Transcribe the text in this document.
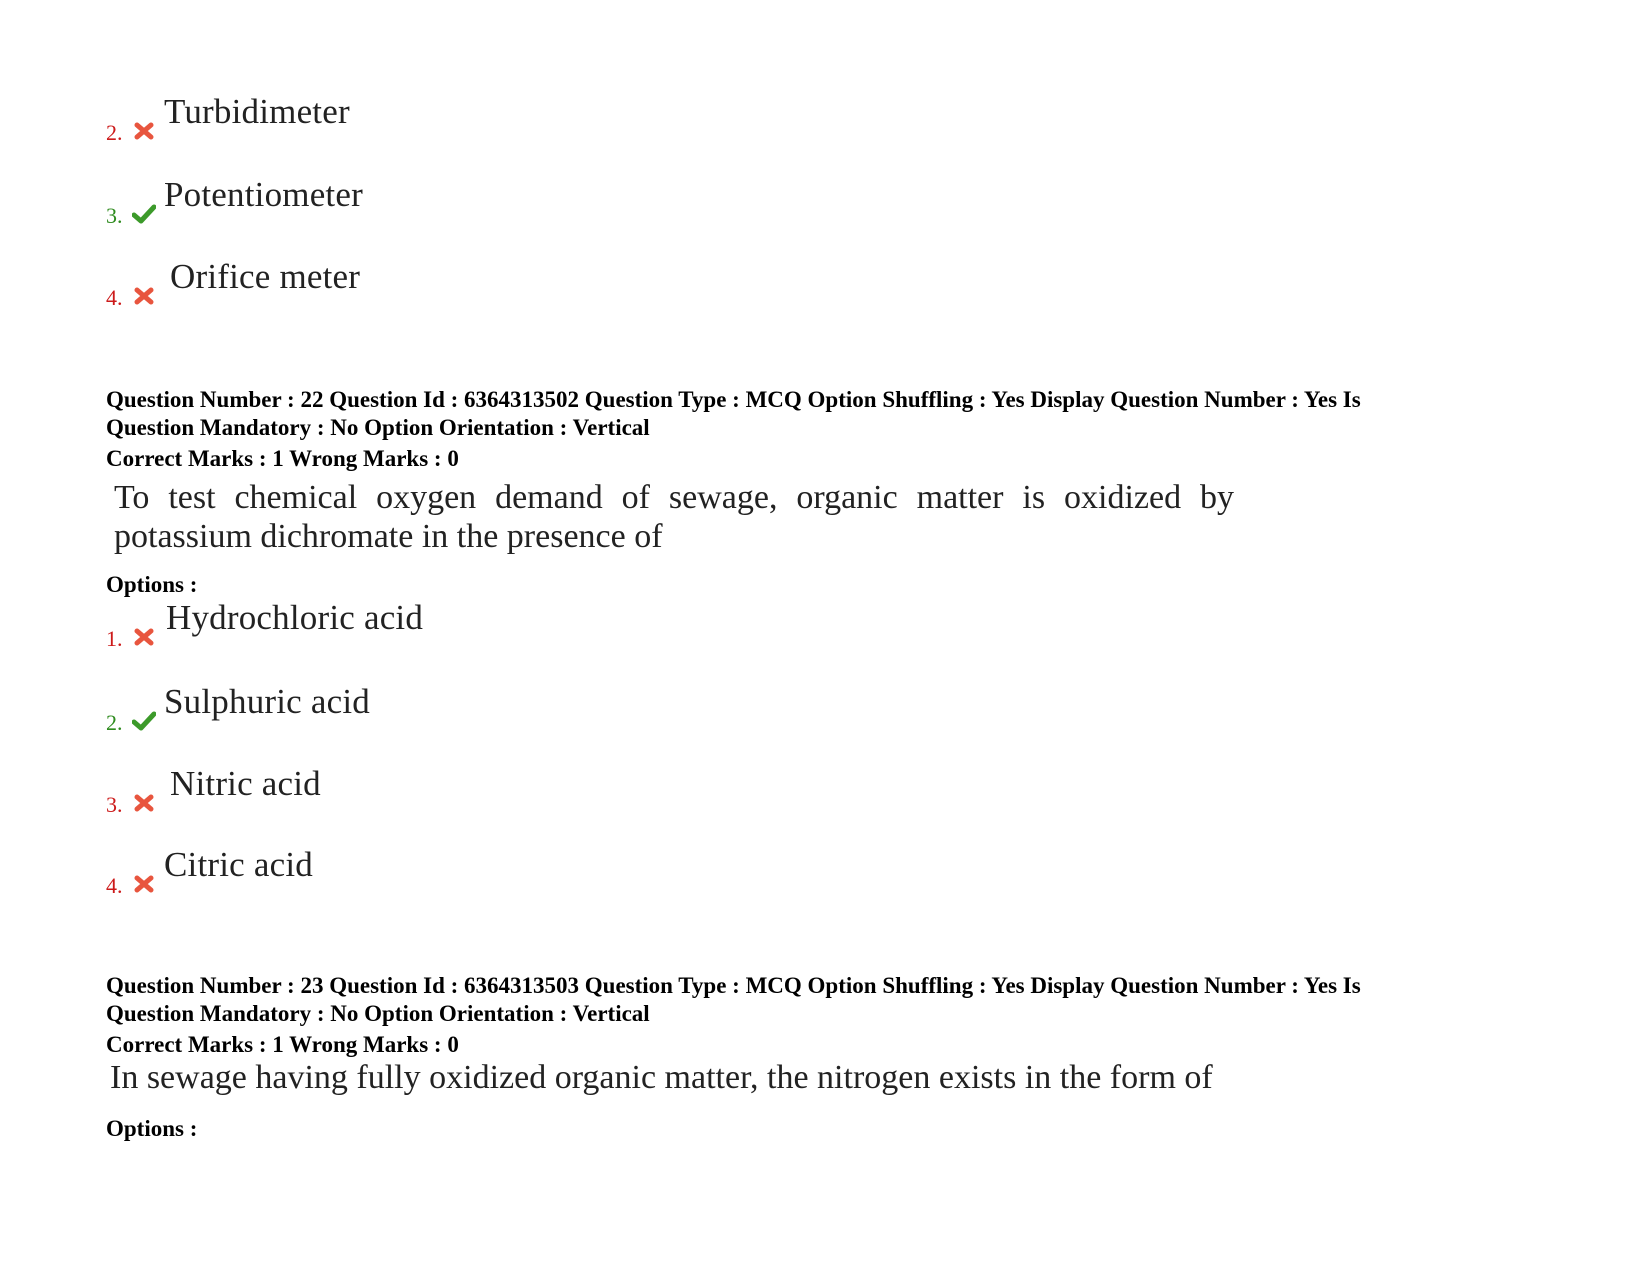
2.
Turbidimeter
3.
Potentiometer
4.
Orifice meter
Question Number : 22 Question Id : 6364313502 Question Type : MCQ Option Shuffling : Yes Display Question Number : Yes Is
Question Mandatory : No Option Orientation : Vertical
Correct Marks : 1 Wrong Marks : 0
To test chemical oxygen demand of sewage, organic matter is oxidized by
potassium dichromate in the presence of
Options :
1.
Hydrochloric acid
2.
Sulphuric acid
3.
Nitric acid
4.
Citric acid
Question Number : 23 Question Id : 6364313503 Question Type : MCQ Option Shuffling : Yes Display Question Number : Yes Is
Question Mandatory : No Option Orientation : Vertical
Correct Marks : 1 Wrong Marks : 0
In sewage having fully oxidized organic matter, the nitrogen exists in the form of
Options :
